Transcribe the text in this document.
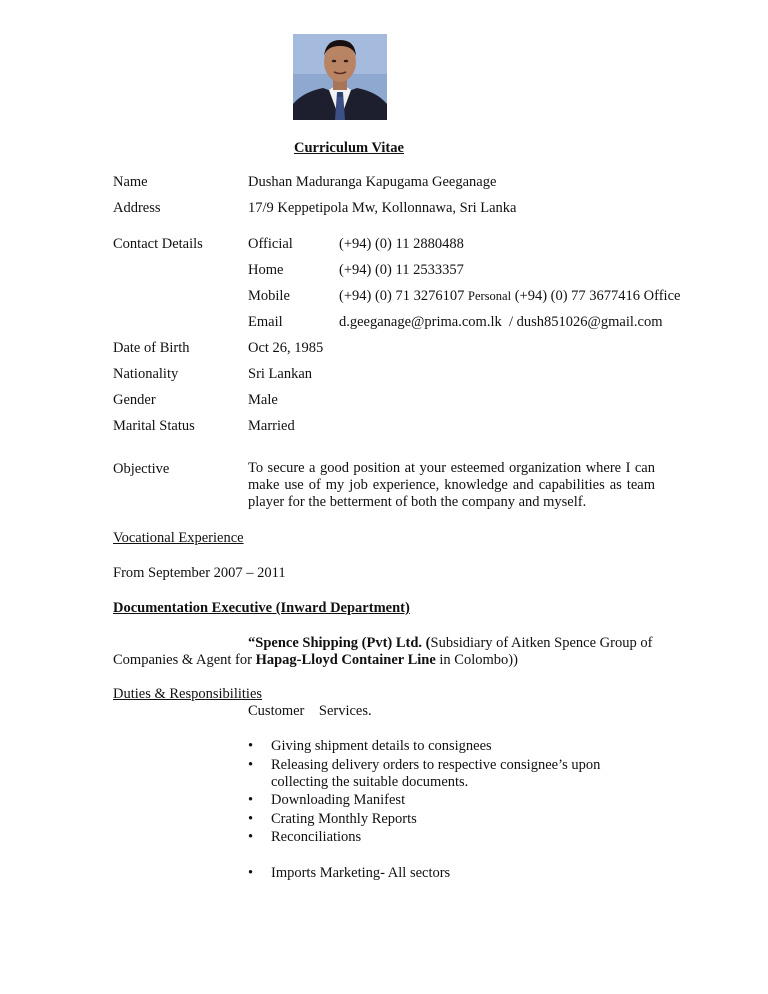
Curriculum Vitae
Name	Dushan Maduranga Kapugama Geeganage
Address	17/9 Keppetipola Mw, Kollonnawa, Sri Lanka
Contact Details	Official	(+94) (0) 11 2880488
Home	(+94) (0) 11 2533357
Mobile	(+94) (0) 71 3276107 Personal (+94) (0) 77 3677416 Office
Email	d.geeganage@prima.com.lk  / dush851026@gmail.com
Date of Birth	Oct 26, 1985
Nationality	Sri Lankan
Gender	Male
Marital Status	Married
Objective	To secure a good position at your esteemed organization where I can make use of my job experience, knowledge and capabilities as team player for the betterment of both the company and myself.
Vocational Experience
From September 2007 – 2011
Documentation Executive (Inward Department)
“Spence Shipping (Pvt) Ltd. (Subsidiary of Aitken Spence Group of
Companies & Agent for Hapag-Lloyd Container Line in Colombo))
Duties & Responsibilities
Customer    Services.
• Giving shipment details to consignees
• Releasing delivery orders to respective consignee’s upon collecting the suitable documents.
• Downloading Manifest
• Crating Monthly Reports
• Reconciliations
• Imports Marketing- All sectors
